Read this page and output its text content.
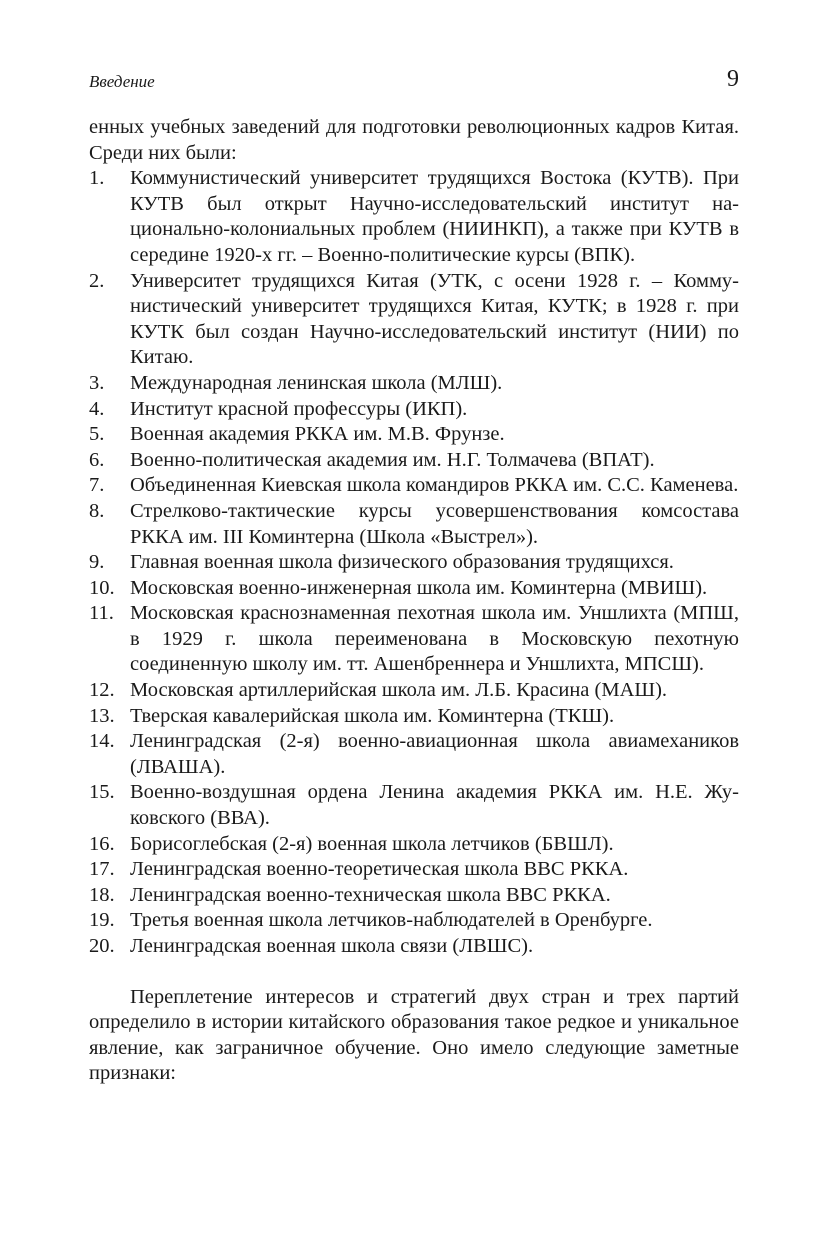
Введение	9

енных учебных заведений для подготовки революционных кадров Китая. Среди них были:

1.	Коммунистический университет трудящихся Востока (КУТВ). При КУТВ был открыт Научно-исследовательский институт национально-колониальных проблем (НИИНКП), а также при КУТВ в середине 1920-х гг. – Военно-политические курсы (ВПК).
2.	Университет трудящихся Китая (УТК, с осени 1928 г. – Коммунистический университет трудящихся Китая, КУТК; в 1928 г. при КУТК был создан Научно-исследовательский институт (НИИ) по Китаю.
3.	Международная ленинская школа (МЛШ).
4.	Институт красной профессуры (ИКП).
5.	Военная академия РККА им. М.В. Фрунзе.
6.	Военно-политическая академия им. Н.Г. Толмачева (ВПАТ).
7.	Объединенная Киевская школа командиров РККА им. С.С. Каменева.
8.	Стрелково-тактические курсы усовершенствования комсостава РККА им. III Коминтерна (Школа «Выстрел»).
9.	Главная военная школа физического образования трудящихся.
10. Московская военно-инженерная школа им. Коминтерна (МВИШ).
11. Московская краснознаменная пехотная школа им. Уншлихта (МПШ, в 1929 г. школа переименована в Московскую пехотную соединенную школу им. тт. Ашенбреннера и Уншлихта, МПСШ).
12. Московская артиллерийская школа им. Л.Б. Красина (МАШ).
13. Тверская кавалерийская школа им. Коминтерна (ТКШ).
14. Ленинградская (2-я) военно-авиационная школа авиамехаников (ЛВАША).
15. Военно-воздушная ордена Ленина академия РККА им. Н.Е. Жуковского (ВВА).
16. Борисоглебская (2-я) военная школа летчиков (БВШЛ).
17. Ленинградская военно-теоретическая школа ВВС РККА.
18. Ленинградская военно-техническая школа ВВС РККА.
19. Третья военная школа летчиков-наблюдателей в Оренбурге.
20. Ленинградская военная школа связи (ЛВШС).

Переплетение интересов и стратегий двух стран и трех партий определило в истории китайского образования такое редкое и уникальное явление, как заграничное обучение. Оно имело следующие заметные признаки:
